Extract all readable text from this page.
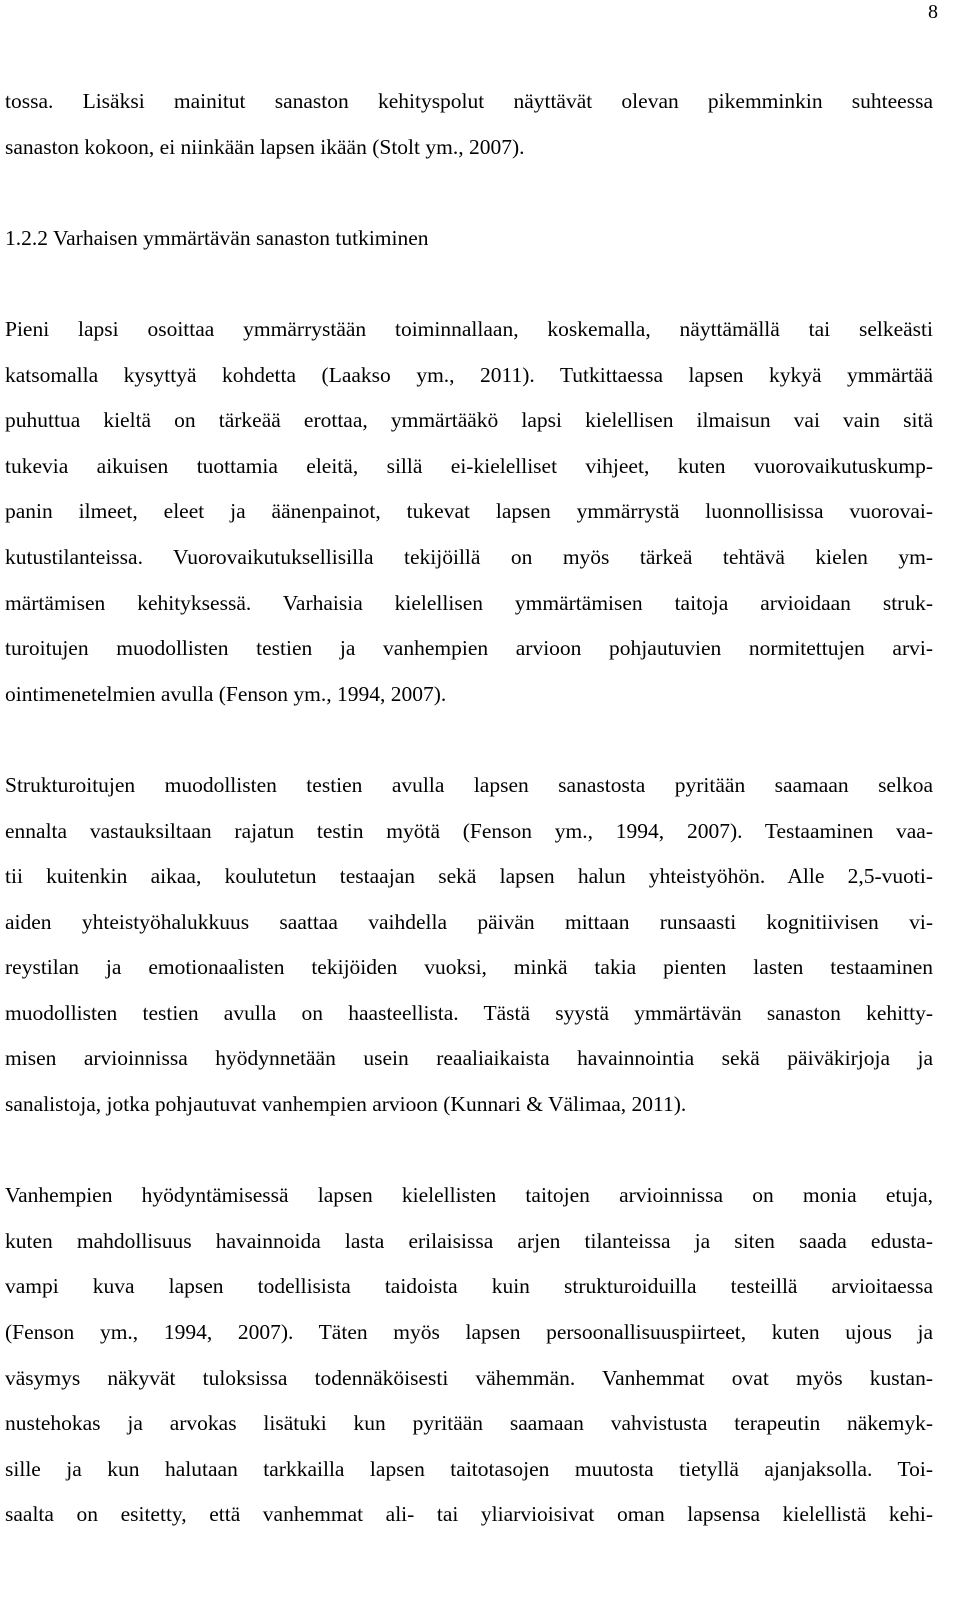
8
tossa. Lisäksi mainitut sanaston kehityspolut näyttävät olevan pikemminkin suhteessa
sanaston kokoon, ei niinkään lapsen ikään (Stolt ym., 2007).
1.2.2 Varhaisen ymmärtävän sanaston tutkiminen
Pieni lapsi osoittaa ymmärrystään toiminnallaan, koskemalla, näyttämällä tai selkeästi
katsomalla kysyttyä kohdetta (Laakso ym., 2011). Tutkittaessa lapsen kykyä ymmärtää
puhuttua kieltä on tärkeää erottaa, ymmärtääkö lapsi kielellisen ilmaisun vai vain sitä
tukevia aikuisen tuottamia eleitä, sillä ei-kielelliset vihjeet, kuten vuorovaikutuskump-
panin ilmeet, eleet ja äänenpainot, tukevat lapsen ymmärrystä luonnollisissa vuorovai-
kutustilanteissa. Vuorovaikutuksellisilla tekijöillä on myös tärkeä tehtävä kielen ym-
märtämisen kehityksessä. Varhaisia kielellisen ymmärtämisen taitoja arvioidaan struk-
turoitujen muodollisten testien ja vanhempien arvioon pohjautuvien normitettujen arvi-
ointimenetelmien avulla (Fenson ym., 1994, 2007).
Strukturoitujen muodollisten testien avulla lapsen sanastosta pyritään saamaan selkoa
ennalta vastauksiltaan rajatun testin myötä (Fenson ym., 1994, 2007). Testaaminen vaa-
tii kuitenkin aikaa, koulutetun testaajan sekä lapsen halun yhteistyöhön. Alle 2,5-vuoti-
aiden yhteistyöhalukkuus saattaa vaihdella päivän mittaan runsaasti kognitiivisen vi-
reystilan ja emotionaalisten tekijöiden vuoksi, minkä takia pienten lasten testaaminen
muodollisten testien avulla on haasteellista. Tästä syystä ymmärtävän sanaston kehitty-
misen arvioinnissa hyödynnetään usein reaaliaikaista havainnointia sekä päiväkirjoja ja
sanalistoja, jotka pohjautuvat vanhempien arvioon (Kunnari & Välimaa, 2011).
Vanhempien hyödyntämisessä lapsen kielellisten taitojen arvioinnissa on monia etuja,
kuten mahdollisuus havainnoida lasta erilaisissa arjen tilanteissa ja siten saada edusta-
vampi kuva lapsen todellisista taidoista kuin strukturoiduilla testeillä arvioitaessa
(Fenson ym., 1994, 2007). Täten myös lapsen persoonallisuuspiirteet, kuten ujous ja
väsymys näkyvät tuloksissa todennäköisesti vähemmän. Vanhemmat ovat myös kustan-
nustehokas ja arvokas lisätuki kun pyritään saamaan vahvistusta terapeutin näkemyk-
sille ja kun halutaan tarkkailla lapsen taitotasojen muutosta tietyllä ajanjaksolla. Toi-
saalta on esitetty, että vanhemmat ali- tai yliarvioisivat oman lapsensa kielellistä kehi-
